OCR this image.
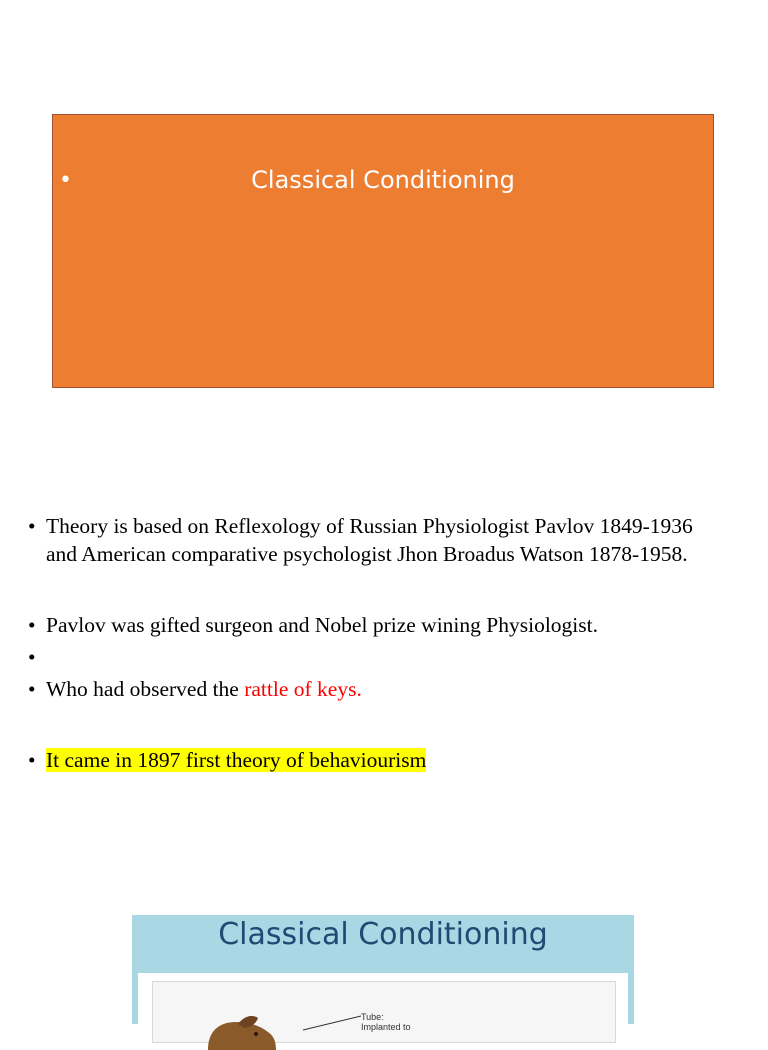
•	Classical Conditioning
• Theory is based on Reflexology of Russian Physiologist Pavlov 1849-1936 and American comparative psychologist Jhon Broadus Watson 1878-1958.
• Pavlov was gifted surgeon and Nobel prize wining Physiologist.
•

• Who had observed the rattle of keys.
• It came in 1897 first theory of behaviourism
Classical Conditioning
Tube:
Implanted to
